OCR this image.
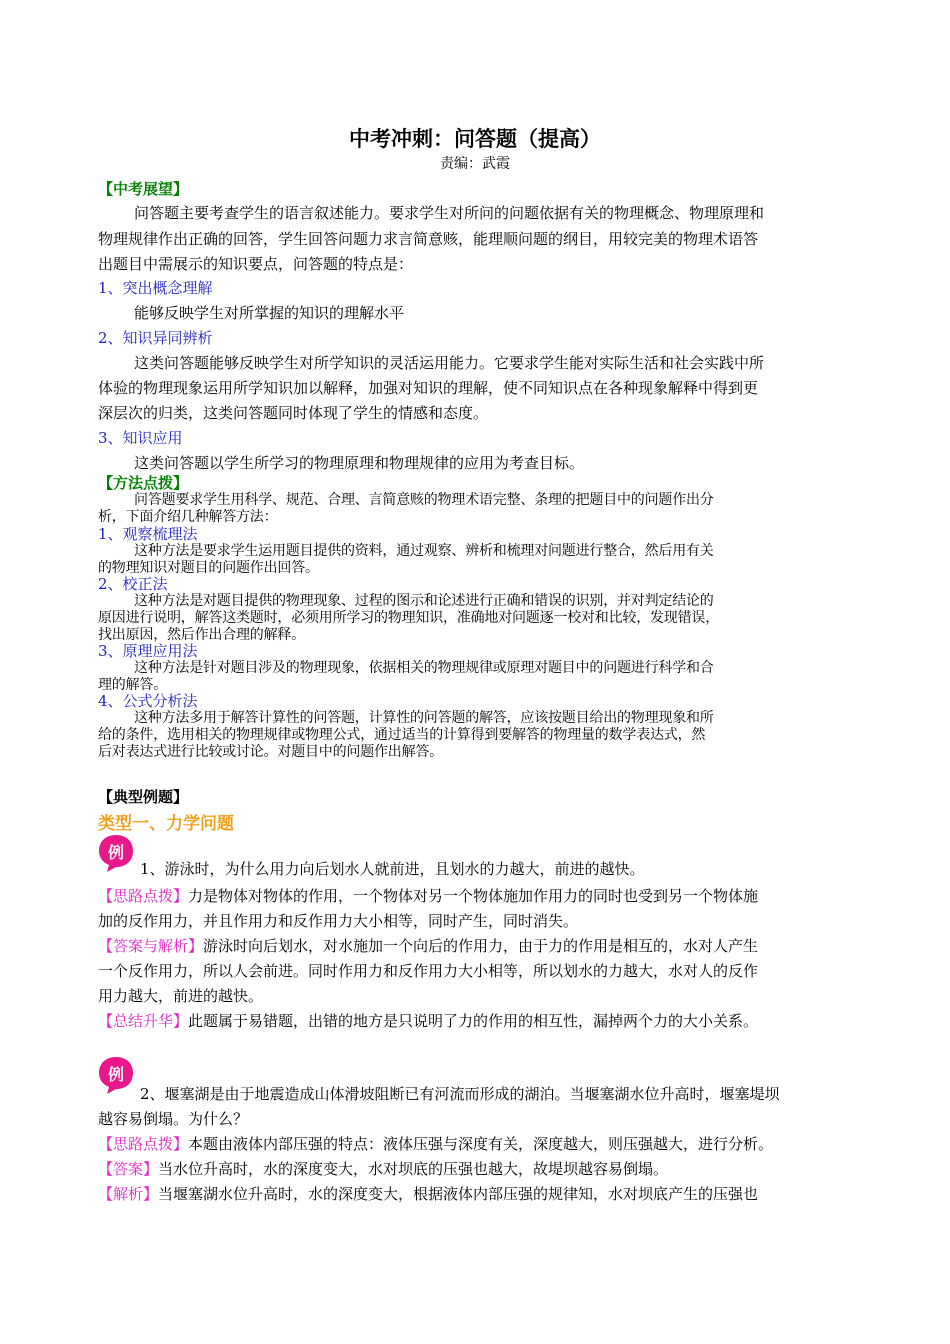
中考冲刺：问答题（提高）
责编：武霞
【中考展望】
问答题主要考查学生的语言叙述能力。要求学生对所问的问题依据有关的物理概念、物理原理和
物理规律作出正确的回答，学生回答问题力求言简意赅，能理顺问题的纲目，用较完美的物理术语答
出题目中需展示的知识要点，问答题的特点是：
1、突出概念理解
能够反映学生对所掌握的知识的理解水平
2、知识异同辨析
这类问答题能够反映学生对所学知识的灵活运用能力。它要求学生能对实际生活和社会实践中所
体验的物理现象运用所学知识加以解释，加强对知识的理解，使不同知识点在各种现象解释中得到更
深层次的归类，这类问答题同时体现了学生的情感和态度。
3、知识应用
这类问答题以学生所学习的物理原理和物理规律的应用为考查目标。
【方法点拨】
问答题要求学生用科学、规范、合理、言简意赅的物理术语完整、条理的把题目中的问题作出分
析，下面介绍几种解答方法：
1、观察梳理法
这种方法是要求学生运用题目提供的资料，通过观察、辨析和梳理对问题进行整合，然后用有关
的物理知识对题目的问题作出回答。
2、校正法
这种方法是对题目提供的物理现象、过程的图示和论述进行正确和错误的识别，并对判定结论的
原因进行说明，解答这类题时，必须用所学习的物理知识，准确地对问题逐一校对和比较，发现错误，
找出原因，然后作出合理的解释。
3、原理应用法
这种方法是针对题目涉及的物理现象，依据相关的物理规律或原理对题目中的问题进行科学和合
理的解答。
4、公式分析法
这种方法多用于解答计算性的问答题，计算性的问答题的解答，应该按题目给出的物理现象和所
给的条件，选用相关的物理规律或物理公式，通过适当的计算得到要解答的物理量的数学表达式，然
后对表达式进行比较或讨论。对题目中的问题作出解答。
【典型例题】
类型一、力学问题
例
1、游泳时，为什么用力向后划水人就前进，且划水的力越大，前进的越快。
【思路点拨】力是物体对物体的作用，一个物体对另一个物体施加作用力的同时也受到另一个物体施
加的反作用力，并且作用力和反作用力大小相等，同时产生，同时消失。
【答案与解析】游泳时向后划水，对水施加一个向后的作用力，由于力的作用是相互的，水对人产生
一个反作用力，所以人会前进。同时作用力和反作用力大小相等，所以划水的力越大，水对人的反作
用力越大，前进的越快。
【总结升华】此题属于易错题，出错的地方是只说明了力的作用的相互性，漏掉两个力的大小关系。
例
2、堰塞湖是由于地震造成山体滑坡阻断已有河流而形成的湖泊。当堰塞湖水位升高时，堰塞堤坝
越容易倒塌。为什么？
【思路点拨】本题由液体内部压强的特点：液体压强与深度有关，深度越大，则压强越大，进行分析。
【答案】当水位升高时，水的深度变大，水对坝底的压强也越大，故堤坝越容易倒塌。
【解析】当堰塞湖水位升高时，水的深度变大，根据液体内部压强的规律知，水对坝底产生的压强也
